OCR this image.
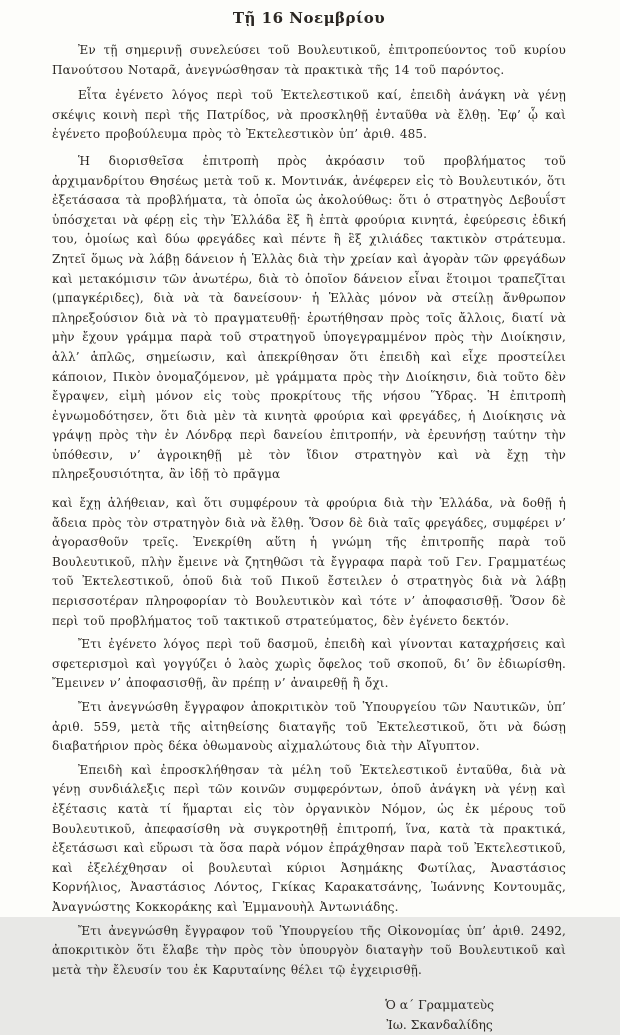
Τῇ 16 Νοεμβρίου

Ἐν τῇ σημερινῇ συνελεύσει τοῦ Βουλευτικοῦ, ἐπιτροπεύοντος τοῦ κυρίου Πανούτσου Νοταρᾶ, ἀνεγνώσθησαν τὰ πρακτικὰ τῆς 14 τοῦ παρόντος.

Εἶτα ἐγένετο λόγος περὶ τοῦ Ἐκτελεστικοῦ καί, ἐπειδὴ ἀνάγκη νὰ γένῃ σκέψις κοινὴ περὶ τῆς Πατρίδος, νὰ προσκληθῇ ἐνταῦθα νὰ ἔλθῃ. Ἐφ’ ᾧ καὶ ἐγένετο προβούλευμα πρὸς τὸ Ἐκτελεστικὸν ὑπ’ ἀριθ. 485.

Ἡ διορισθεῖσα ἐπιτροπὴ πρὸς ἀκρόασιν τοῦ προβλήματος τοῦ ἀρχιμανδρίτου Θησέως μετὰ τοῦ κ. Μοντινάκ, ἀνέφερεν εἰς τὸ Βουλευτικόν, ὅτι ἐξετάσασα τὰ προβλήματα, τὰ ὁποῖα ὡς ἀκολούθως: ὅτι ὁ στρατηγὸς Δεβουΐστ ὑπόσχεται νὰ φέρῃ εἰς τὴν Ἑλλάδα ἓξ ἢ ἑπτὰ φρούρια κινητά, ἐφεύρεσις ἐδική του, ὁμοίως καὶ δύω φρεγάδες καὶ πέντε ἢ ἓξ χιλιάδες τακτικὸν στράτευμα. Ζητεῖ ὅμως νὰ λάβῃ δάνειον ἡ Ἑλλὰς διὰ τὴν χρείαν καὶ ἀγορὰν τῶν φρεγάδων καὶ μετακόμισιν τῶν ἀνωτέρω, διὰ τὸ ὁποῖον δάνειον εἶναι ἕτοιμοι τραπεζῖται (μπαγκέριδες), διὰ νὰ τὰ δανείσουν· ἡ Ἑλλὰς μόνον νὰ στείλῃ ἄνθρωπον πληρεξούσιον διὰ νὰ τὸ πραγματευθῇ· ἐρωτήθησαν πρὸς τοῖς ἄλλοις, διατί νὰ μὴν ἔχουν γράμμα παρὰ τοῦ στρατηγοῦ ὑπογεγραμμένον πρὸς τὴν Διοίκησιν, ἀλλ’ ἁπλῶς, σημείωσιν, καὶ ἀπεκρίθησαν ὅτι ἐπειδὴ καὶ εἶχε προστείλει κάποιον, Πικὸν ὀνομαζόμενον, μὲ γράμματα πρὸς τὴν Διοίκησιν, διὰ τοῦτο δὲν ἔγραψεν, εἰμὴ μόνον εἰς τοὺς προκρίτους τῆς νήσου Ὕδρας. Ἡ ἐπιτροπὴ ἐγνωμοδότησεν, ὅτι διὰ μὲν τὰ κινητὰ φρούρια καὶ φρεγάδες, ἡ Διοίκησις νὰ γράψῃ πρὸς τὴν ἐν Λόνδρᾳ περὶ δανείου ἐπιτροπήν, νὰ ἐρευνήσῃ ταύτην τὴν ὑπόθεσιν, ν’ ἀγροικηθῇ μὲ τὸν ἴδιον στρατηγὸν καὶ νὰ ἔχῃ τὴν πληρεξουσιότητα, ἂν ἰδῇ τὸ πρᾶγμα

καὶ ἔχῃ ἀλήθειαν, καὶ ὅτι συμφέρουν τὰ φρούρια διὰ τὴν Ἑλλάδα, νὰ δοθῇ ἡ ἄδεια πρὸς τὸν στρατηγὸν διὰ νὰ ἔλθῃ. Ὅσον δὲ διὰ ταῖς φρεγάδες, συμφέρει ν’ ἀγορασθοῦν τρεῖς. Ἐνεκρίθη αὕτη ἡ γνώμη τῆς ἐπιτροπῆς παρὰ τοῦ Βουλευτικοῦ, πλὴν ἔμεινε νὰ ζητηθῶσι τὰ ἔγγραφα παρὰ τοῦ Γεν. Γραμματέως τοῦ Ἐκτελεστικοῦ, ὁποῦ διὰ τοῦ Πικοῦ ἔστειλεν ὁ στρατηγὸς διὰ νὰ λάβῃ περισσοτέραν πληροφορίαν τὸ Βουλευτικὸν καὶ τότε ν’ ἀποφασισθῇ. Ὅσον δὲ περὶ τοῦ προβλήματος τοῦ τακτικοῦ στρατεύματος, δὲν ἐγένετο δεκτόν.

Ἔτι ἐγένετο λόγος περὶ τοῦ δασμοῦ, ἐπειδὴ καὶ γίνονται καταχρήσεις καὶ σφετερισμοὶ καὶ γογγύζει ὁ λαὸς χωρὶς ὄφελος τοῦ σκοποῦ, δι’ ὃν ἐδιωρίσθη. Ἔμεινεν ν’ ἀποφασισθῇ, ἂν πρέπῃ ν’ ἀναιρεθῇ ἢ ὄχι.

Ἔτι ἀνεγνώσθη ἔγγραφον ἀποκριτικὸν τοῦ Ὑπουργείου τῶν Ναυτικῶν, ὑπ’ ἀριθ. 559, μετὰ τῆς αἰτηθείσης διαταγῆς τοῦ Ἐκτελεστικοῦ, ὅτι νὰ δώσῃ διαβατήριον πρὸς δέκα ὀθωμανοὺς αἰχμαλώτους διὰ τὴν Αἴγυπτον.

Ἐπειδὴ καὶ ἐπροσκλήθησαν τὰ μέλη τοῦ Ἐκτελεστικοῦ ἐνταῦθα, διὰ νὰ γένῃ συνδιάλεξις περὶ τῶν κοινῶν συμφερόντων, ὁποῦ ἀνάγκη νὰ γένῃ καὶ ἐξέτασις κατὰ τί ἥμαρται εἰς τὸν ὀργανικὸν Νόμον, ὡς ἐκ μέρους τοῦ Βουλευτικοῦ, ἀπεφασίσθη νὰ συγκροτηθῇ ἐπιτροπή, ἵνα, κατὰ τὰ πρακτικά, ἐξετάσωσι καὶ εὕρωσι τὰ ὅσα παρὰ νόμον ἐπράχθησαν παρὰ τοῦ Ἐκτελεστικοῦ, καὶ ἐξελέχθησαν οἱ βουλευταὶ κύριοι Ἀσημάκης Φωτίλας, Ἀναστάσιος Κορνήλιος, Ἀναστάσιος Λόντος, Γκίκας Καρακατσάνης, Ἰωάννης Κοντουμᾶς, Ἀναγνώστης Κοκκοράκης καὶ Ἐμμανουὴλ Ἀντωνιάδης.

Ἔτι ἀνεγνώσθη ἔγγραφον τοῦ Ὑπουργείου τῆς Οἰκονομίας ὑπ’ ἀριθ. 2492, ἀποκριτικὸν ὅτι ἔλαβε τὴν πρὸς τὸν ὑπουργὸν διαταγὴν τοῦ Βουλευτικοῦ καὶ μετὰ τὴν ἔλευσίν του ἐκ Καρυταίνης θέλει τῷ ἐγχειρισθῇ.

Ὁ α΄ Γραμματεὺς
Ἰω. Σκανδαλίδης
